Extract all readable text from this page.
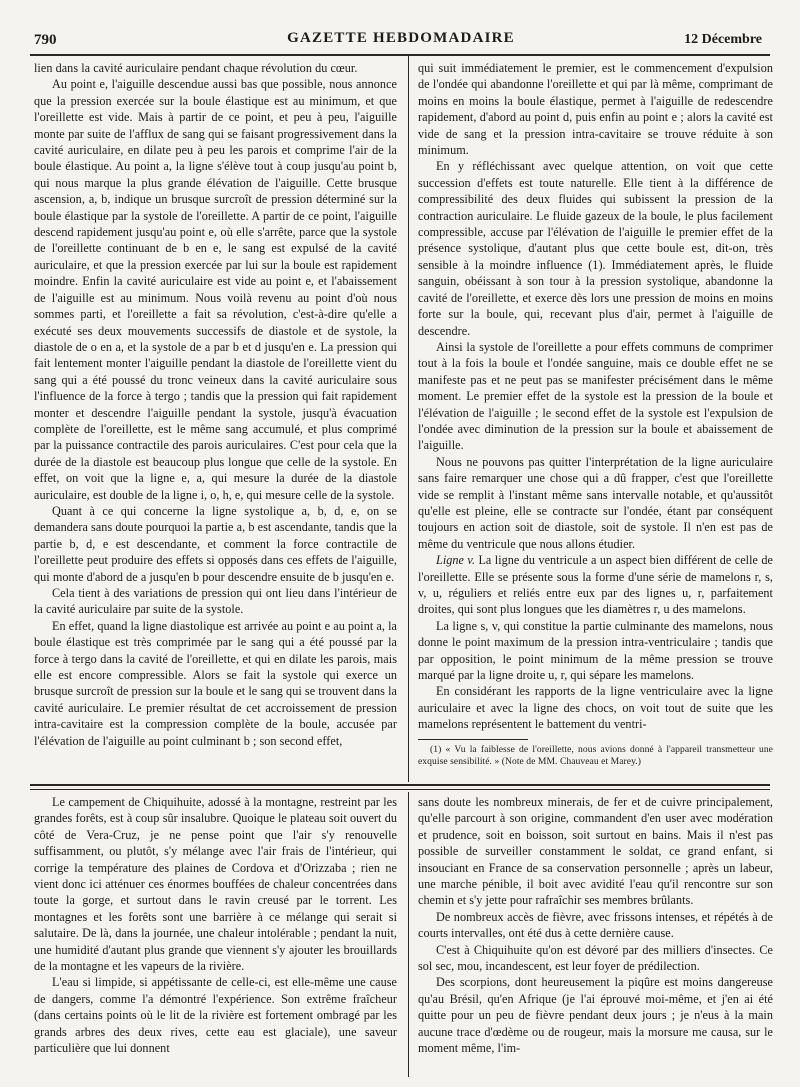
790	GAZETTE HEBDOMADAIRE	12 Décembre

lien dans la cavité auriculaire pendant chaque révolution du cœur.

Au point e, l'aiguille descendue aussi bas que possible, nous annonce que la pression exercée sur la boule élastique est au minimum, et que l'oreillette est vide. Mais à partir de ce point, et peu à peu, l'aiguille monte par suite de l'afflux de sang qui se faisant progressivement dans la cavité auriculaire, en dilate peu à peu les parois et comprime l'air de la boule élastique. Au point a, la ligne s'élève tout à coup jusqu'au point b, qui nous marque la plus grande élévation de l'aiguille. Cette brusque ascension, a, b, indique un brusque surcroît de pression déterminé sur la boule élastique par la systole de l'oreillette. A partir de ce point, l'aiguille descend rapidement jusqu'au point e, où elle s'arrête, parce que la systole de l'oreillette continuant de b en e, le sang est expulsé de la cavité auriculaire, et que la pression exercée par lui sur la boule est rapidement moindre. Enfin la cavité auriculaire est vide au point e, et l'abaissement de l'aiguille est au minimum. Nous voilà revenu au point d'où nous sommes parti, et l'oreillette a fait sa révolution, c'est-à-dire qu'elle a exécuté ses deux mouvements successifs de diastole et de systole, la diastole de o en a, et la systole de a par b et d jusqu'en e. La pression qui fait lentement monter l'aiguille pendant la diastole de l'oreillette vient du sang qui a été poussé du tronc veineux dans la cavité auriculaire sous l'influence de la force à tergo ; tandis que la pression qui fait rapidement monter et descendre l'aiguille pendant la systole, jusqu'à évacuation complète de l'oreillette, est le même sang accumulé, et plus comprimé par la puissance contractile des parois auriculaires. C'est pour cela que la durée de la diastole est beaucoup plus longue que celle de la systole. En effet, on voit que la ligne e, a, qui mesure la durée de la diastole auriculaire, est double de la ligne i, o, h, e, qui mesure celle de la systole.

Quant à ce qui concerne la ligne systolique a, b, d, e, on se demandera sans doute pourquoi la partie a, b est ascendante, tandis que la partie b, d, e est descendante, et comment la force contractile de l'oreillette peut produire des effets si opposés dans ces effets de l'aiguille, qui monte d'abord de a jusqu'en b pour descendre ensuite de b jusqu'en e.

Cela tient à des variations de pression qui ont lieu dans l'intérieur de la cavité auriculaire par suite de la systole.

En effet, quand la ligne diastolique est arrivée au point e au point a, la boule élastique est très comprimée par le sang qui a été poussé par la force à tergo dans la cavité de l'oreillette, et qui en dilate les parois, mais elle est encore compressible. Alors se fait la systole qui exerce un brusque surcroît de pression sur la boule et le sang qui se trouvent dans la cavité auriculaire. Le premier résultat de cet accroissement de pression intra-cavitaire est la compression complète de la boule, accusée par l'élévation de l'aiguille au point culminant b ; son second effet,

qui suit immédiatement le premier, est le commencement d'expulsion de l'ondée qui abandonne l'oreillette et qui par là même, comprimant de moins en moins la boule élastique, permet à l'aiguille de redescendre rapidement, d'abord au point d, puis enfin au point e ; alors la cavité est vide de sang et la pression intra-cavitaire se trouve réduite à son minimum.

En y réfléchissant avec quelque attention, on voit que cette succession d'effets est toute naturelle. Elle tient à la différence de compressibilité des deux fluides qui subissent la pression de la contraction auriculaire. Le fluide gazeux de la boule, le plus facilement compressible, accuse par l'élévation de l'aiguille le premier effet de la présence systolique, d'autant plus que cette boule est, dit-on, très sensible à la moindre influence (1). Immédiatement après, le fluide sanguin, obéissant à son tour à la pression systolique, abandonne la cavité de l'oreillette, et exerce dès lors une pression de moins en moins forte sur la boule, qui, recevant plus d'air, permet à l'aiguille de descendre.

Ainsi la systole de l'oreillette a pour effets communs de comprimer tout à la fois la boule et l'ondée sanguine, mais ce double effet ne se manifeste pas et ne peut pas se manifester précisément dans le même moment. Le premier effet de la systole est la pression de la boule et l'élévation de l'aiguille ; le second effet de la systole est l'expulsion de l'ondée avec diminution de la pression sur la boule et abaissement de l'aiguille.

Nous ne pouvons pas quitter l'interprétation de la ligne auriculaire sans faire remarquer une chose qui a dû frapper, c'est que l'oreillette vide se remplit à l'instant même sans intervalle notable, et qu'aussitôt qu'elle est pleine, elle se contracte sur l'ondée, étant par conséquent toujours en action soit de diastole, soit de systole. Il n'en est pas de même du ventricule que nous allons étudier.

Ligne v. La ligne du ventricule a un aspect bien différent de celle de l'oreillette. Elle se présente sous la forme d'une série de mamelons r, s, v, u, réguliers et reliés entre eux par des lignes u, r, parfaitement droites, qui sont plus longues que les diamètres r, u des mamelons.

La ligne s, v, qui constitue la partie culminante des mamelons, nous donne le point maximum de la pression intra-ventriculaire ; tandis que par opposition, le point minimum de la même pression se trouve marqué par la ligne droite u, r, qui sépare les mamelons.

En considérant les rapports de la ligne ventriculaire avec la ligne auriculaire et avec la ligne des chocs, on voit tout de suite que les mamelons représentent le battement du ventri-

(1) « Vu la faiblesse de l'oreillette, nous avions donné à l'appareil transmetteur une exquise sensibilité. » (Note de MM. Chauveau et Marey.)

Le campement de Chiquihuite, adossé à la montagne, restreint par les grandes forêts, est à coup sûr insalubre. Quoique le plateau soit ouvert du côté de Vera-Cruz, je ne pense point que l'air s'y renouvelle suffisamment, ou plutôt, s'y mélange avec l'air frais de l'intérieur, qui corrige la température des plaines de Cordova et d'Orizzaba ; rien ne vient donc ici atténuer ces énormes bouffées de chaleur concentrées dans toute la gorge, et surtout dans le ravin creusé par le torrent. Les montagnes et les forêts sont une barrière à ce mélange qui serait si salutaire. De là, dans la journée, une chaleur intolérable ; pendant la nuit, une humidité d'autant plus grande que viennent s'y ajouter les brouillards de la montagne et les vapeurs de la rivière.

L'eau si limpide, si appétissante de celle-ci, est elle-même une cause de dangers, comme l'a démontré l'expérience. Son extrême fraîcheur (dans certains points où le lit de la rivière est fortement ombragé par les grands arbres des deux rives, cette eau est glaciale), une saveur particulière que lui donnent

sans doute les nombreux minerais, de fer et de cuivre principalement, qu'elle parcourt à son origine, commandent d'en user avec modération et prudence, soit en boisson, soit surtout en bains. Mais il n'est pas possible de surveiller constamment le soldat, ce grand enfant, si insouciant en France de sa conservation personnelle ; après un labeur, une marche pénible, il boit avec avidité l'eau qu'il rencontre sur son chemin et s'y jette pour rafraîchir ses membres brûlants.

De nombreux accès de fièvre, avec frissons intenses, et répétés à de courts intervalles, ont été dus à cette dernière cause.

C'est à Chiquihuite qu'on est dévoré par des milliers d'insectes. Ce sol sec, mou, incandescent, est leur foyer de prédilection.

Des scorpions, dont heureusement la piqûre est moins dangereuse qu'au Brésil, qu'en Afrique (je l'ai éprouvé moi-même, et j'en ai été quitte pour un peu de fièvre pendant deux jours ; je n'eus à la main aucune trace d'œdème ou de rougeur, mais la morsure me causa, sur le moment même, l'im-
